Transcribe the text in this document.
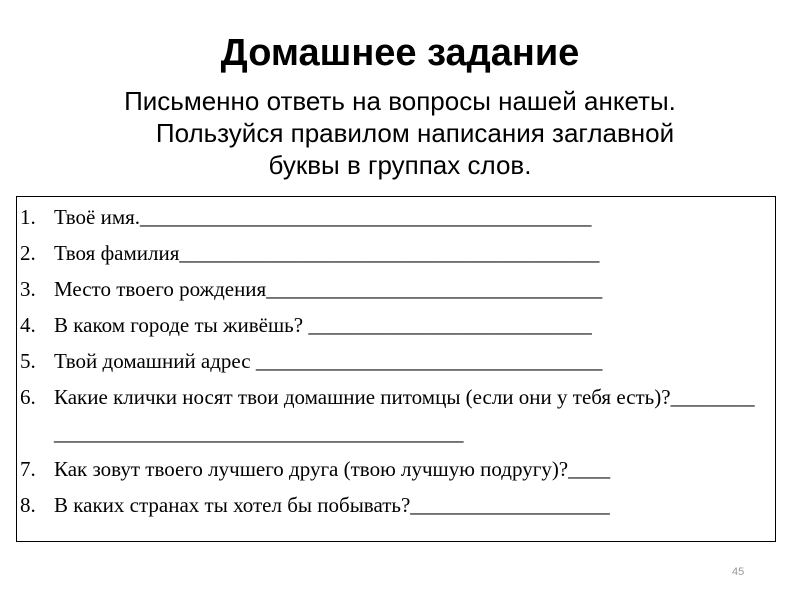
Домашнее задание
Письменно ответь на вопросы нашей анкеты.
Пользуйся правилом написания заглавной
буквы в группах слов.
1. Твоё имя.___________________________________________
2. Твоя фамилия________________________________________
3. Место твоего рождения________________________________
4. В каком городе ты живёшь? ___________________________
5. Твой домашний адрес _________________________________
6. Какие клички носят твои домашние питомцы (если они у тебя есть)?_______________________________________________
7. Как зовут твоего лучшего друга (твою лучшую подругу)?____
8. В каких странах ты хотел бы побывать?___________________
45
